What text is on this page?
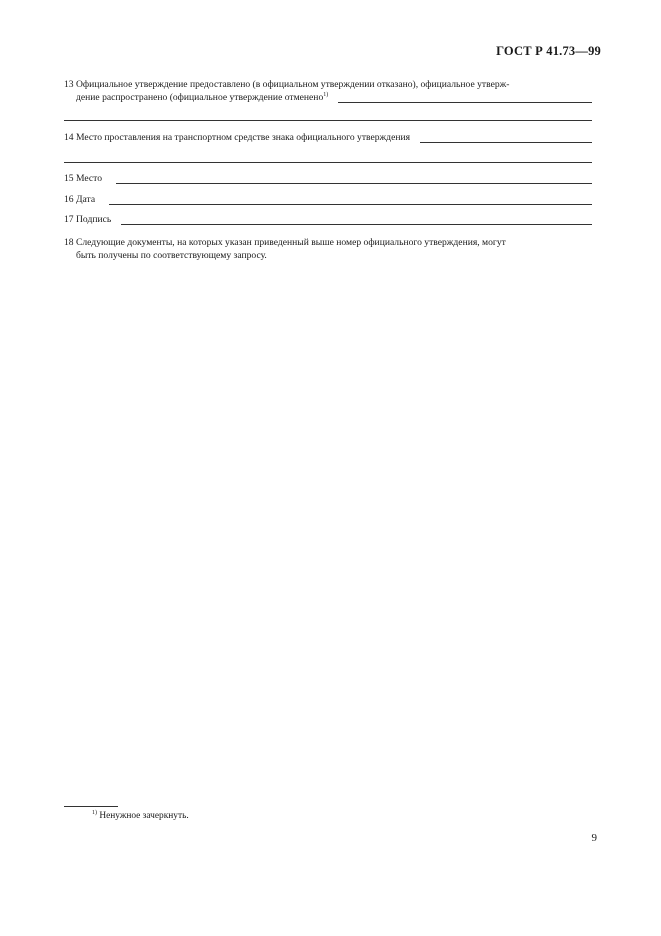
ГОСТ Р 41.73—99
13 Официальное утверждение предоставлено (в официальном утверждении отказано), официальное утверж-
дение распространено (официальное утверждение отменено$^{1)}$
14 Место проставления на транспортном средстве знака официального утверждения
15 Место
16 Дата
17 Подпись
18 Следующие документы, на которых указан приведенный выше номер официального утверждения, могут
быть получены по соответствующему запросу.
$^{1)}$ Ненужное зачеркнуть.
9
